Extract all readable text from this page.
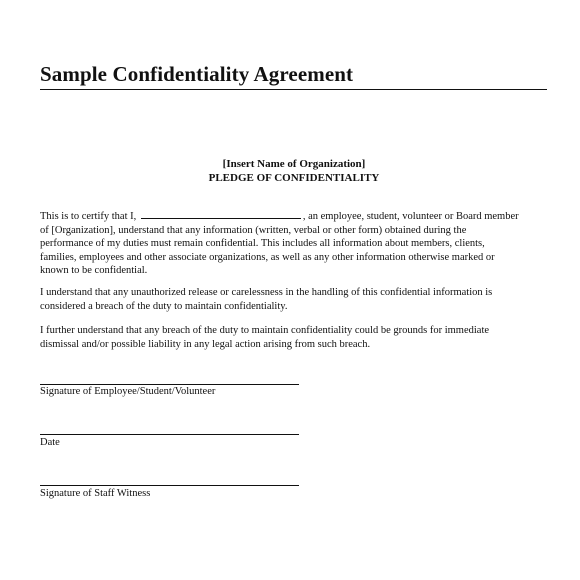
Sample Confidentiality Agreement
[Insert Name of Organization]
PLEDGE OF CONFIDENTIALITY
This is to certify that I,	, an employee, student, volunteer or Board member
of [Organization], understand that any information (written, verbal or other form) obtained during the
performance of my duties must remain confidential. This includes all information about members, clients,
families, employees and other associate organizations, as well as any other information otherwise marked or
known to be confidential.
I understand that any unauthorized release or carelessness in the handling of this confidential information is
considered a breach of the duty to maintain confidentiality.
I further understand that any breach of the duty to maintain confidentiality could be grounds for immediate
dismissal and/or possible liability in any legal action arising from such breach.
Signature of Employee/Student/Volunteer
Date
Signature of Staff Witness
